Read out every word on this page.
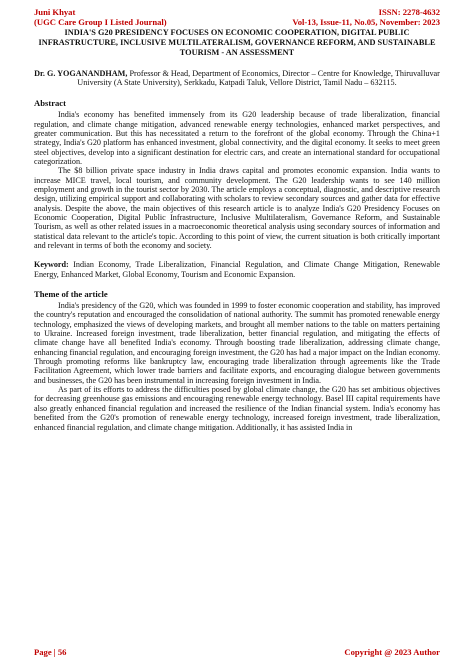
Juni Khyat	ISSN: 2278-4632
(UGC Care Group I Listed Journal)	Vol-13, Issue-11, No.05, November: 2023
INDIA'S G20 PRESIDENCY FOCUSES ON ECONOMIC COOPERATION, DIGITAL PUBLIC INFRASTRUCTURE, INCLUSIVE MULTILATERALISM, GOVERNANCE REFORM, AND SUSTAINABLE TOURISM - AN ASSESSMENT
Dr. G. YOGANANDHAM, Professor & Head, Department of Economics, Director – Centre for Knowledge, Thiruvalluvar University (A State University), Serkkadu, Katpadi Taluk, Vellore District, Tamil Nadu – 632115.
Abstract

India's economy has benefited immensely from its G20 leadership because of trade liberalization, financial regulation, and climate change mitigation, advanced renewable energy technologies, enhanced market perspectives, and greater communication. But this has necessitated a return to the forefront of the global economy. Through the China+1 strategy, India's G20 platform has enhanced investment, global connectivity, and the digital economy. It seeks to meet green steel objectives, develop into a significant destination for electric cars, and create an international standard for occupational categorization.

The $8 billion private space industry in India draws capital and promotes economic expansion. India wants to increase MICE travel, local tourism, and community development. The G20 leadership wants to see 140 million employment and growth in the tourist sector by 2030. The article employs a conceptual, diagnostic, and descriptive research design, utilizing empirical support and collaborating with scholars to review secondary sources and gather data for effective analysis. Despite the above, the main objectives of this research article is to analyze India's G20 Presidency Focuses on Economic Cooperation, Digital Public Infrastructure, Inclusive Multilateralism, Governance Reform, and Sustainable Tourism, as well as other related issues in a macroeconomic theoretical analysis using secondary sources of information and statistical data relevant to the article's topic. According to this point of view, the current situation is both critically important and relevant in terms of both the economy and society.

Keyword: Indian Economy, Trade Liberalization, Financial Regulation, and Climate Change Mitigation, Renewable Energy, Enhanced Market, Global Economy, Tourism and Economic Expansion.
Theme of the article

India's presidency of the G20, which was founded in 1999 to foster economic cooperation and stability, has improved the country's reputation and encouraged the consolidation of national authority. The summit has promoted renewable energy technology, emphasized the views of developing markets, and brought all member nations to the table on matters pertaining to Ukraine. Increased foreign investment, trade liberalization, better financial regulation, and mitigating the effects of climate change have all benefited India's economy. Through boosting trade liberalization, addressing climate change, enhancing financial regulation, and encouraging foreign investment, the G20 has had a major impact on the Indian economy. Through promoting reforms like bankruptcy law, encouraging trade liberalization through agreements like the Trade Facilitation Agreement, which lower trade barriers and facilitate exports, and encouraging dialogue between governments and businesses, the G20 has been instrumental in increasing foreign investment in India.

As part of its efforts to address the difficulties posed by global climate change, the G20 has set ambitious objectives for decreasing greenhouse gas emissions and encouraging renewable energy technology. Basel III capital requirements have also greatly enhanced financial regulation and increased the resilience of the Indian financial system. India's economy has benefited from the G20's promotion of renewable energy technology, increased foreign investment, trade liberalization, enhanced financial regulation, and climate change mitigation. Additionally, it has assisted India in

Page | 56	Copyright @ 2023 Author
